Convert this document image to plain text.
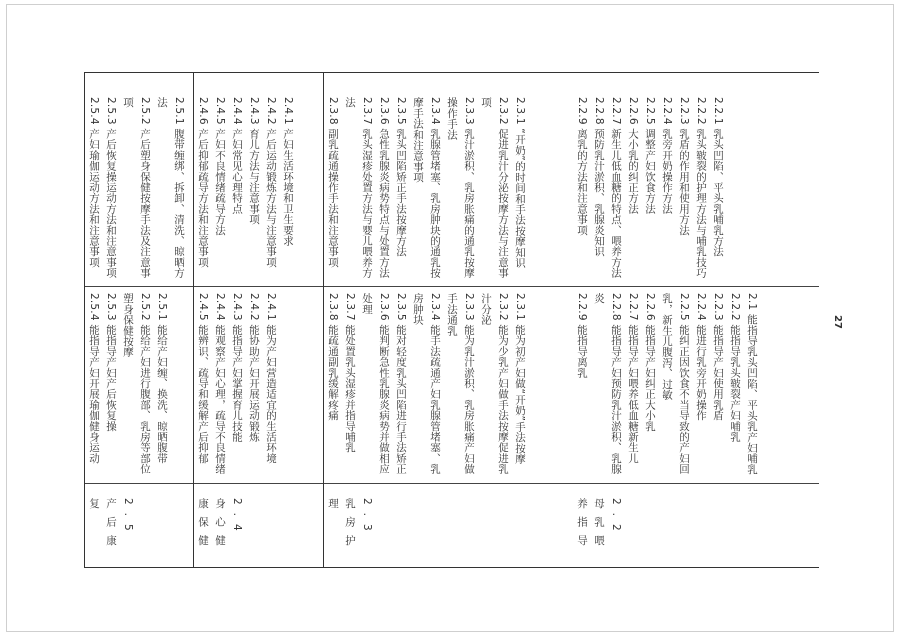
27

2.2.1 乳头凹陷、平头乳哺乳方法

2.2.2 乳头皲裂的护理方法与哺乳技巧

2.2.3 乳盾的作用和使用方法

2.2.4 乳旁开奶操作方法

2.2.5 调整产妇饮食方法

2.2.6 大小乳的纠正方法

2.2.7 新生儿低血糖的特点、喂养方法

2.2.8 预防乳汁淤积、乳腺炎知识

2.2.9 离乳的方法和注意事项

2.1 能指导乳头凹陷、平头乳产妇哺乳

2.2.2 能指导乳头皲裂产妇哺乳

2.2.3 能指导产妇使用乳盾

2.2.4 能进行乳旁开奶操作

2.2.5 能纠正因饮食不当导致的产妇回乳，新生儿腹泻、过敏

2.2.6 能指导产妇纠正大小乳

2.2.7 能指导产妇喂养低血糖新生儿

2.2.8 能指导产妇预防乳汁淤积、乳腺炎

2.2.9 能指导离乳

2.2 母乳喂养指导

2.3.1 “开奶”的时间和手法按摩知识

2.3.2 促进乳汁分泌按摩方法与注意事项

2.3.3 乳汁淤积、乳房胀痛的通乳按摩操作手法

2.3.4 乳腺管堵塞、乳房肿块的通乳按摩手法和注意事项

2.3.5 乳头凹陷矫正手法按摩方法

2.3.6 急性乳腺炎病势特点与处置方法

2.3.7 乳头湿疹处置方法与婴儿喂养方法

2.3.8 副乳疏通操作手法和注意事项

2.3.1 能为初产妇做“开奶”手法按摩

2.3.2 能为少乳产妇做手法按摩促进乳汁分泌

2.3.3 能为乳汁淤积、乳房胀痛产妇做手法通乳

2.3.4 能手法疏通产妇乳腺管堵塞、乳房肿块

2.3.5 能对轻度乳头凹陷进行手法矫正

2.3.6 能判断急性乳腺炎病势并做相应处理

2.3.7 能处置乳头湿疹并指导哺乳

2.3.8 能疏通副乳缓解疼痛

2.3 乳房护理

2.4.1 产妇生活环境和卫生要求

2.4.2 产后运动锻炼方法与注意事项

2.4.3 育儿方法与注意事项

2.4.4 产妇常见心理特点

2.4.5 产妇不良情绪疏导方法

2.4.6 产后抑郁疏导方法和注意事项

2.4.1 能为产妇营造适宜的生活环境

2.4.2 能协助产妇开展运动锻炼

2.4.3 能指导产妇掌握育儿技能

2.4.4 能观察产妇心理，疏导不良情绪

2.4.5 能辨识、疏导和缓解产后抑郁

2.4 身心健康保健

2.5.1 腹带缠绑、拆卸、清洗、晾晒方法

2.5.2 产后塑身保健按摩手法及注意事项

2.5.3 产后恢复操运动方法和注意事项

2.5.4 产妇瑜伽运动方法和注意事项

2.5.1 能给产妇缠、换洗、晾晒腹带

2.5.2 能给产妇进行腹部、乳房等部位塑身保健按摩

2.5.3 能指导产妇产后恢复操

2.5.4 能指导产妇开展瑜伽健身运动

2.5 产后康复
